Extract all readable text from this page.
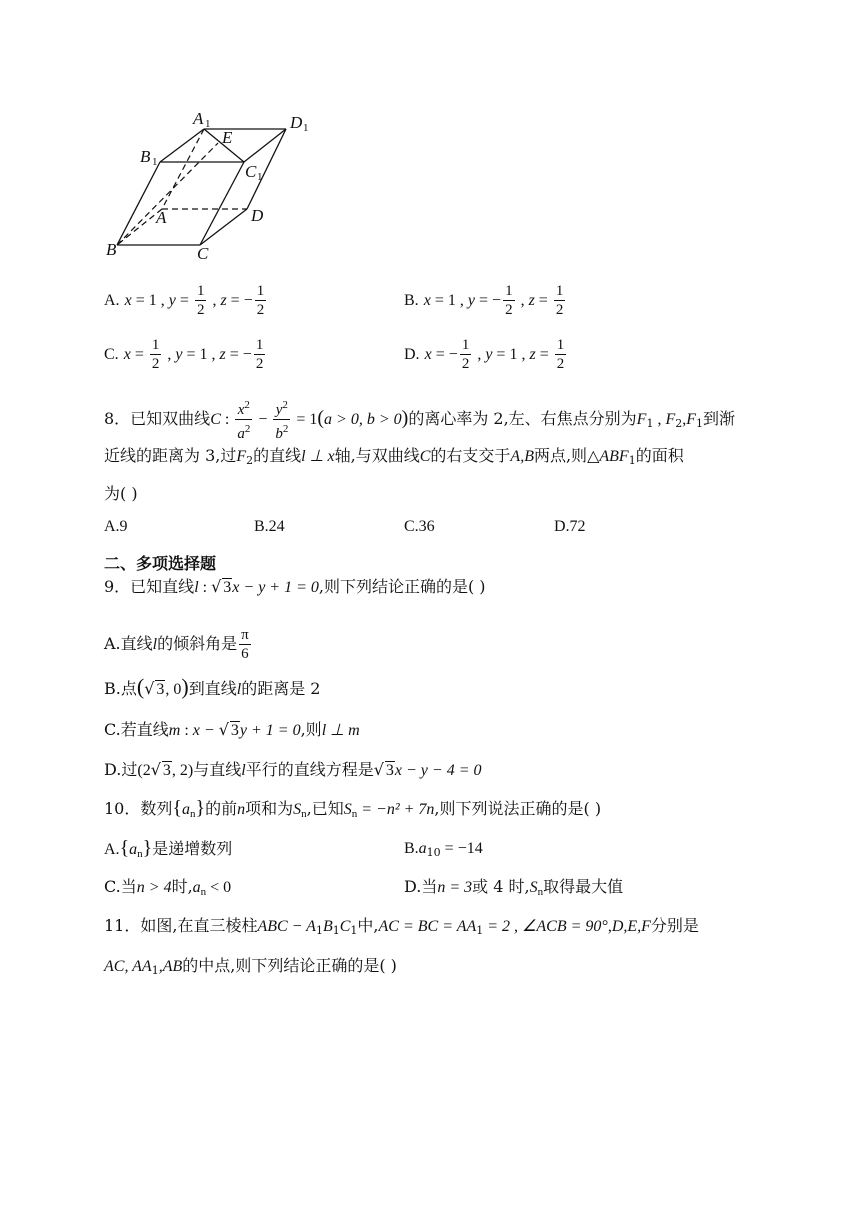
A 1	D 1
E
B 1	C 1
A	D
B	C
A. x = 1 , $y = \frac{1}{2}$ , z = − $\frac{1}{2}$	B. x = 1 , y = − $\frac{1}{2}$ , $z = \frac{1}{2}$
C. $x = \frac{1}{2}$ , y = 1 , z = − $\frac{1}{2}$	D. x = − $\frac{1}{2}$ , y = 1 , $z = \frac{1}{2}$
8．已知双曲线C : $\frac{x^2}{a^2} - \frac{y^2}{b^2} = 1(a > 0$, b > 0)的离心率为 2,左、右焦点分别为$F_1$ , $F_2,F_1$到渐
近线的距离为 3,过$F_2$的直线l ⊥ x轴,与双曲线C的右支交于A,B两点,则$\triangle ABF_1$的面积
为( )
A.9	B.24	C.36	D.72
二、多项选择题
9．已知直线l : √ 3x − y + 1 = 0,则下列结论正确的是( )
A.直线l的倾斜角是 $\frac{\pi}{6}$
B.点(√ 3, 0)到直线l的距离是 2
C.若直线m : x − √ 3y + 1 = 0,则l ⊥ m
D.过(2√ 3, 2)与直线l平行的直线方程是√ 3x − y − 4 = 0
10．数列$\{a_n\}$的前n项和为$S_n$,已知$S_n = -n^2 + 7n$,则下列说法正确的是( )
$A.\{a_n\}$是递增数列	$B.a_{10} = -14$
C.当n > 4时$,a_n < 0$	D.当n = 3或 4 时$,S_n$取得最大值
11．如图,在直三棱柱ABC − $A_1B_1C_1$中,AC = BC = $AA_1 = 2$ , ∠ACB = 90°,D,E,F分别是
AC, $AA_1,AB$的中点,则下列结论正确的是( )
